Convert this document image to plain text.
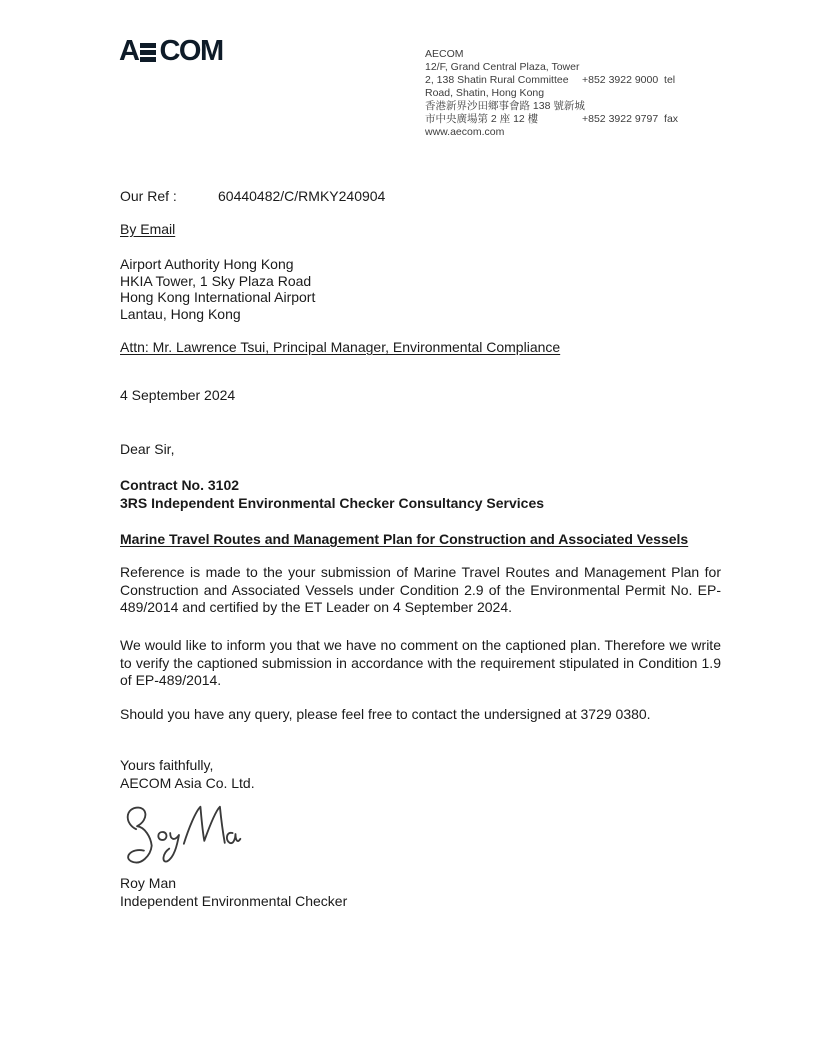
A COM	AECOM
12/F, Grand Central Plaza, Tower
2, 138 Shatin Rural Committee
Road, Shatin, Hong Kong
香港新界沙田鄉事會路 138 號新城
市中央廣場第 2 座 12 樓
www.aecom.com

+852 3922 9000  tel

+852 3922 9797  fax

Our Ref :	60440482/C/RMKY240904
By Email
Airport Authority Hong Kong
HKIA Tower, 1 Sky Plaza Road
Hong Kong International Airport
Lantau, Hong Kong
Attn: Mr. Lawrence Tsui, Principal Manager, Environmental Compliance
4 September 2024
Dear Sir,
Contract No. 3102
3RS Independent Environmental Checker Consultancy Services
Marine Travel Routes and Management Plan for Construction and Associated Vessels
Reference is made to the your submission of Marine Travel Routes and Management Plan for Construction and Associated Vessels under Condition 2.9 of the Environmental Permit No. EP-489/2014 and certified by the ET Leader on 4 September 2024.
We would like to inform you that we have no comment on the captioned plan. Therefore we write to verify the captioned submission in accordance with the requirement stipulated in Condition 1.9 of EP-489/2014.
Should you have any query, please feel free to contact the undersigned at 3729 0380.
Yours faithfully,
AECOM Asia Co. Ltd.
Roy Man
Independent Environmental Checker
